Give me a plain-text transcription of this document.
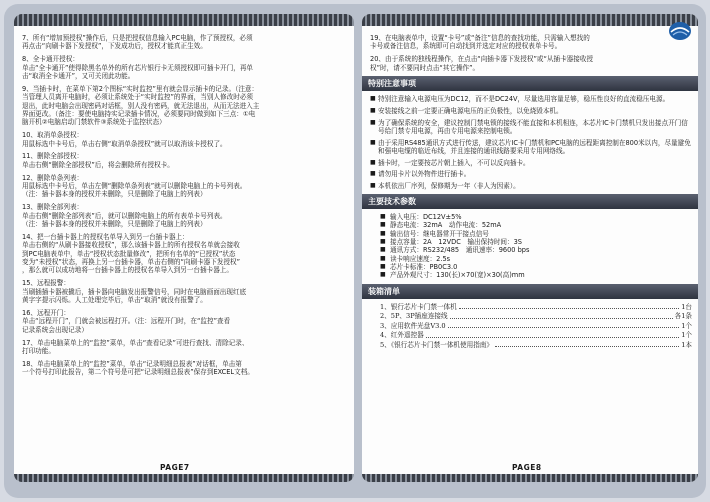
7、所有“增加预授权”操作后，只是把授权信息输入PC电脑，作了预授权，必须
再点击“向刷卡器下发授权”，下发成功后，授权才能真正生效。
8、全卡通开授权：
单击“全卡通开”使得除黑名单外的所有芯片银行卡无须授权即可插卡开门，再单
击“取消全卡通开”，又可关闭此功能。
9、当插卡时，在菜单下第2个图标“实时监控”里有就会显示插卡的记录。（注意：
当管理人员离开电脑时，必须让系统处于“实时监控”的界面，当别人修改时必须
退出，此时电脑会出现密码对话框，别人没有密码，就无法退出，从而无法进入主
界面更改。（备注：要使电脑持实记录插卡情况，必须要同时做到如下三点：①电
脑开机②电脑启动门禁软件③系统处于监控状态）
10、取消单条授权：
用鼠标选中卡号后，单击右侧“取消单条授权”就可以取消该卡授权了。
11、删除全部授权：
单击右侧“删除全部授权”后，将会删除所有授权卡。
12、删除单条列表：
用鼠标选中卡号后，单击左侧“删除单条列表”就可以删除电脑上的卡号列表。
（注：插卡器本身的授权并未删除，只是删除了电脑上的列表）
13、删除全部列表：
单击右侧“删除全部列表”后，就可以删除电脑上的所有表单卡号列表。
（注：插卡器本身的授权并未删除，只是删除了电脑上的列表）
14、把一台插卡器上的授权名单导入到另一台插卡器上：
单击右侧的“从刷卡器接收授权”，那么该插卡器上的所有授权名单就会接收
到PC电脑表单中，单击“授权状态批量修改”，把所有名单的“已授权”状态
变为“未授权”状态，再换上另一台插卡器，单击右侧的“向刷卡器下发授权”
，那么就可以成功地将一台插卡器上的授权名单导入到另一台插卡器上。
15、远程报警：
当刷插插卡器被撬后，插卡器向电脑发出报警信号，同时在电脑画面出现红底
黄字字提示闪烁。人工处理完毕后，单击“取消”就没有报警了。
16、远程开门：
单击“远程开门”，门就会被远程打开。（注：远程开门时，在“监控”查看
记录系统会出现记录）
17、单击电脑菜单上的“监控”菜单，单击“查看记录”可进行查找、清除记录、
打印功能。
18、单击电脑菜单上的“监控”菜单，单击“记录明细总报表”对话框，单击第
一个符号打印此报告，第二个符号是可把“记录明细总报表”保存到EXCEL文档。
PAGE7
19、在电脑表单中，设置“卡号”或“备注”信息的查找功能，只需输入想找的
卡号或备注信息，系统即可自动找到并选定对应的授权表单卡号。
20、由于系统的独栈程操作，在点击“向插卡器下发授权”或“从插卡器接收授
权”时，请不要同时点击“其它操作”。
特别注意事项
■ 特别注意输入电源电压为DC12，而不是DC24V，尽量选用容量足够，稳压性良好的直流稳压电源。
■ 安装接线之前一定要正确电源电压的正负极性，以免烧毁本机。
■ 为了确保系统的安全，建议控制门禁电锁的接线不能直接和本机相连，本芯片IC卡门禁机只发出接点开门信号给门禁专用电源，再由专用电源来控制电锁。
■ 由于采用RS485通讯方式进行传送，建议芯片IC卡门禁机和PC电脑的远程距离控制在800米以内，尽量避免和强电电缆的临近布线，并且连接的通讯线路要采用专用网络线。
■ 插卡时，一定要按芯片朝上插入，不可以反向插卡。
■ 请勿用卡片以外物件进行插卡。
■ 本机依出厂序列，保修期为一年（非人为因素）。
主要技术参数
■ 输入电压：DC12V±5%
■ 静态电流：32mA　动作电流：52mA
■ 输出信号：继电器常开干接点信号
■ 接点容量：2A　12VDC　输出保持时间：3S
■ 通讯方式：RS232/485　通讯速率：9600 bps
■ 读卡响应速度：2.5s
■ 芯片卡标准：PB0C3.0
■ 产品外观尺寸：130(长)×70(宽)×30(高)mm
装箱清单
1、银行芯片卡门禁一体机	1台
2、5P、3P插座连接线	各1条
3、应用软件光盘V3.0	1个
4、红外遥控器	1个
5、《银行芯片卡门禁一体机使用指南》	1本
PAGE8
